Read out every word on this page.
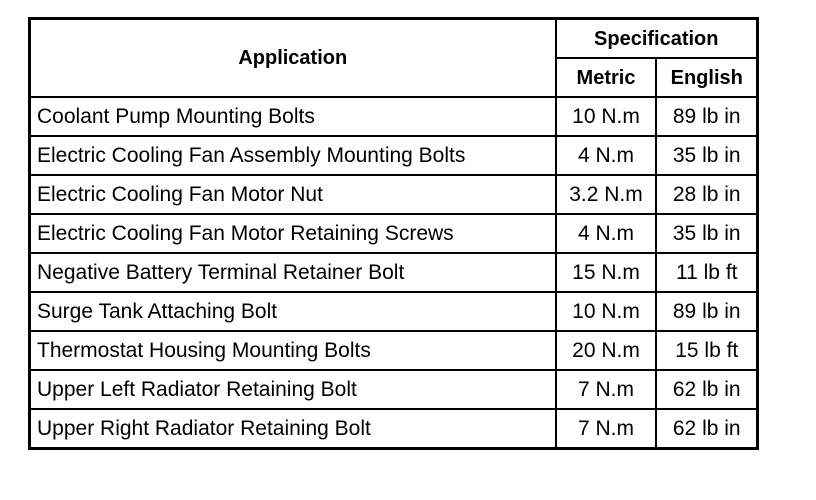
Application	Specification	
	Metric	English
Coolant Pump Mounting Bolts	10 N.m	89 lb in
Electric Cooling Fan Assembly Mounting Bolts	4 N.m	35 lb in
Electric Cooling Fan Motor Nut	3.2 N.m	28 lb in
Electric Cooling Fan Motor Retaining Screws	4 N.m	35 lb in
Negative Battery Terminal Retainer Bolt	15 N.m	11 lb ft
Surge Tank Attaching Bolt	10 N.m	89 lb in
Thermostat Housing Mounting Bolts	20 N.m	15 lb ft
Upper Left Radiator Retaining Bolt	7 N.m	62 lb in
Upper Right Radiator Retaining Bolt	7 N.m	62 lb in
